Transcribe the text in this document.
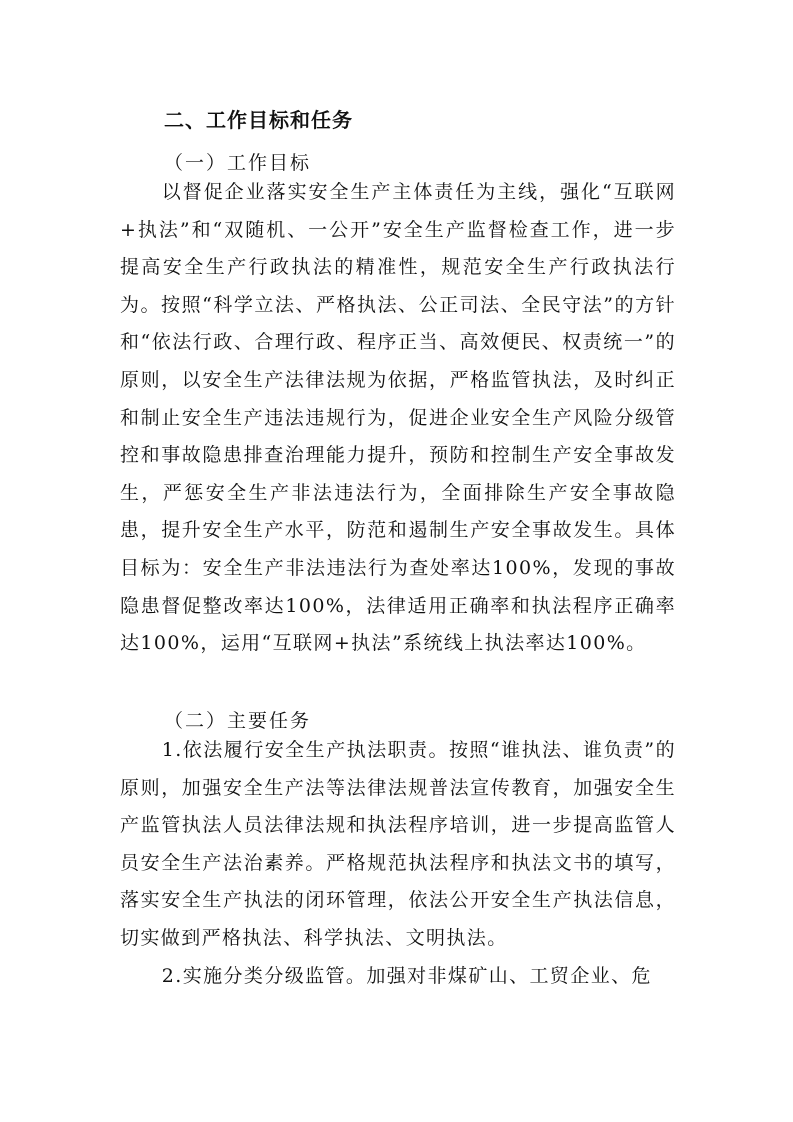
二、工作目标和任务

（一）工作目标

以督促企业落实安全生产主体责任为主线，强化“互联网+执法”和“双随机、一公开”安全生产监督检查工作，进一步提高安全生产行政执法的精准性，规范安全生产行政执法行为。按照“科学立法、严格执法、公正司法、全民守法”的方针和“依法行政、合理行政、程序正当、高效便民、权责统一”的原则，以安全生产法律法规为依据，严格监管执法，及时纠正和制止安全生产违法违规行为，促进企业安全生产风险分级管控和事故隐患排查治理能力提升，预防和控制生产安全事故发生，严惩安全生产非法违法行为，全面排除生产安全事故隐患，提升安全生产水平，防范和遏制生产安全事故发生。具体目标为：安全生产非法违法行为查处率达100%，发现的事故隐患督促整改率达100%，法律适用正确率和执法程序正确率达100%，运用“互联网+执法”系统线上执法率达100%。

（二）主要任务

1.依法履行安全生产执法职责。按照“谁执法、谁负责”的原则，加强安全生产法等法律法规普法宣传教育，加强安全生产监管执法人员法律法规和执法程序培训，进一步提高监管人员安全生产法治素养。严格规范执法程序和执法文书的填写，落实安全生产执法的闭环管理，依法公开安全生产执法信息，切实做到严格执法、科学执法、文明执法。

2.实施分类分级监管。加强对非煤矿山、工贸企业、危
